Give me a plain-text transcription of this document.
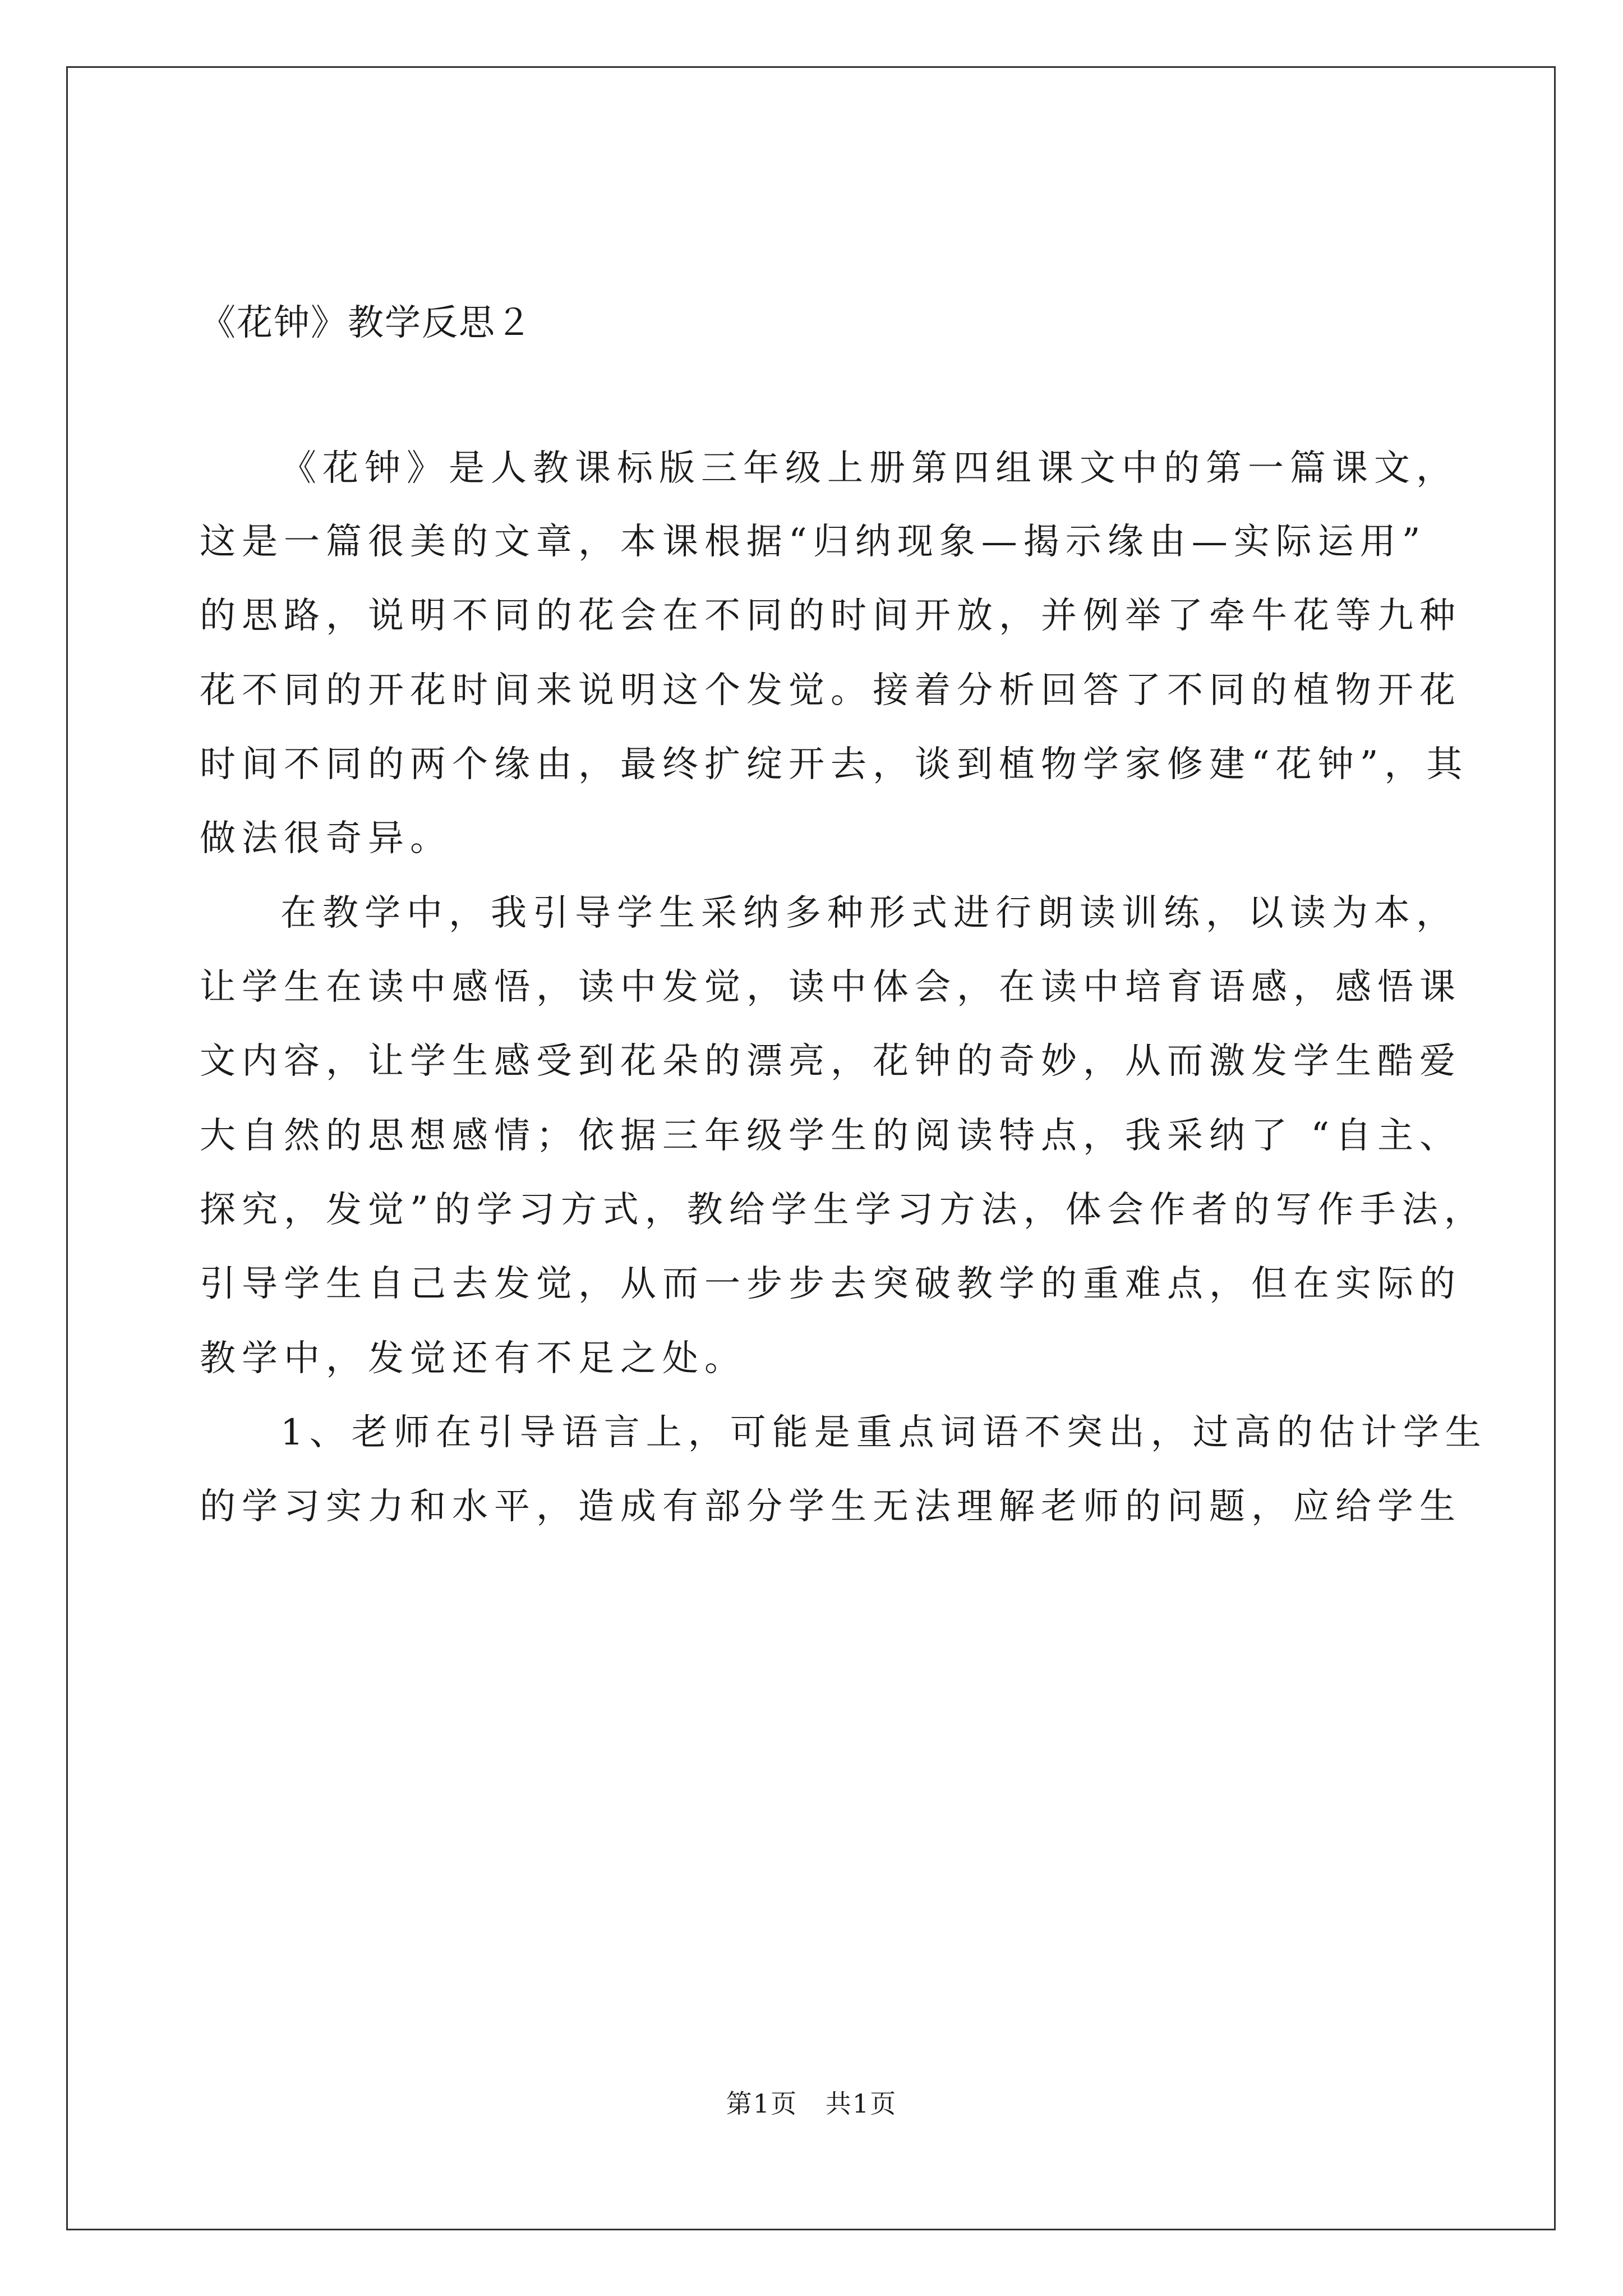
《花钟》教学反思２
《花钟》是人教课标版三年级上册第四组课文中的第一篇课文，
这是一篇很美的文章，本课根据“归纳现象—揭示缘由—实际运用”
的思路，说明不同的花会在不同的时间开放，并例举了牵牛花等九种
花不同的开花时间来说明这个发觉。接着分析回答了不同的植物开花
时间不同的两个缘由，最终扩绽开去，谈到植物学家修建“花钟”，其
做法很奇异。
在教学中，我引导学生采纳多种形式进行朗读训练，以读为本，
让学生在读中感悟，读中发觉，读中体会，在读中培育语感，感悟课
文内容，让学生感受到花朵的漂亮，花钟的奇妙，从而激发学生酷爱
大自然的思想感情；依据三年级学生的阅读特点，我采纳了 “自主、
探究，发觉”的学习方式，教给学生学习方法，体会作者的写作手法，
引导学生自己去发觉，从而一步步去突破教学的重难点，但在实际的
教学中，发觉还有不足之处。
1、老师在引导语言上，可能是重点词语不突出，过高的估计学生
的学习实力和水平，造成有部分学生无法理解老师的问题，应给学生
第1页   共1页
